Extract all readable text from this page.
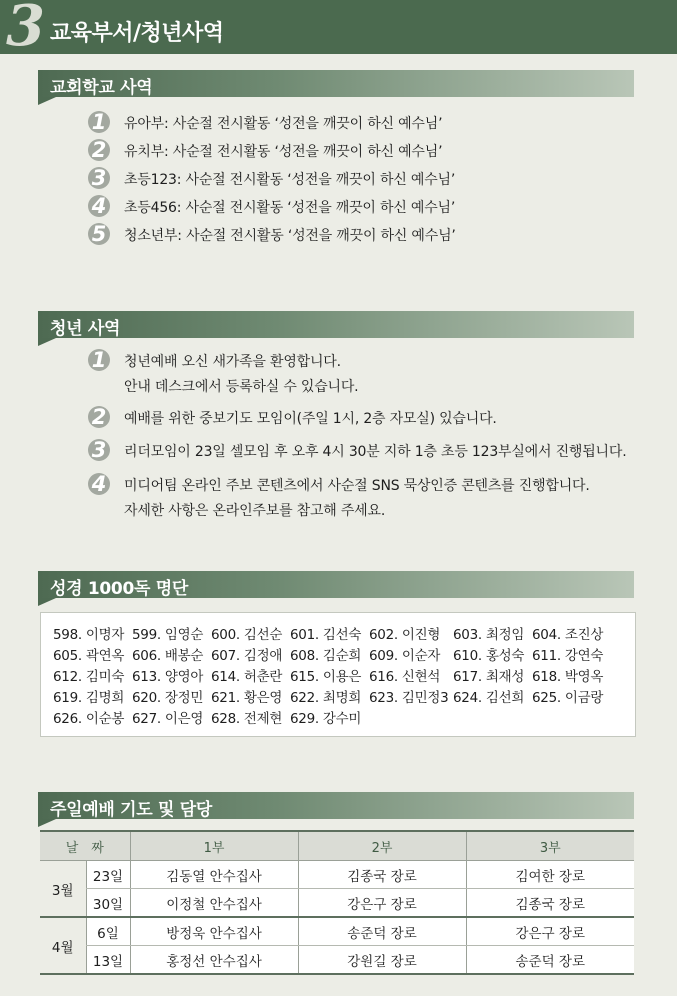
3 교육부서/청년사역
교회학교 사역
1 유아부: 사순절 전시활동 ‘성전을 깨끗이 하신 예수님’
2 유치부: 사순절 전시활동 ‘성전을 깨끗이 하신 예수님’
3 초등123: 사순절 전시활동 ‘성전을 깨끗이 하신 예수님’
4 초등456: 사순절 전시활동 ‘성전을 깨끗이 하신 예수님’
5 청소년부: 사순절 전시활동 ‘성전을 깨끗이 하신 예수님’
청년 사역
1 청년예배 오신 새가족을 환영합니다.
안내 데스크에서 등록하실 수 있습니다.
2 예배를 위한 중보기도 모임이(주일 1시, 2층 자모실) 있습니다.
3 리더모임이 23일 셀모임 후 오후 4시 30분 지하 1층 초등 123부실에서 진행됩니다.
4 미디어팀 온라인 주보 콘텐츠에서 사순절 SNS 묵상인증 콘텐츠를 진행합니다.
자세한 사항은 온라인주보를 참고해 주세요.
성경 1000독 명단
598. 이명자 599. 임영순 600. 김선순 601. 김선숙 602. 이진형 603. 최정임 604. 조진상
605. 곽연옥 606. 배봉순 607. 김정애 608. 김순희 609. 이순자 610. 홍성숙 611. 강연숙
612. 김미숙 613. 양영아 614. 허춘란 615. 이용은 616. 신현석 617. 최재성 618. 박영옥
619. 김명희 620. 장정민 621. 황은영 622. 최명희 623. 김민정3 624. 김선희 625. 이금랑
626. 이순봉 627. 이은영 628. 전제현 629. 강수미
주일예배 기도 및 담당
날　짜		1부	2부	3부
3월	23일	김동열 안수집사	김종국 장로	김여한 장로
	30일	이정철 안수집사	강은구 장로	김종국 장로
4월	6일	방정욱 안수집사	송준덕 장로	강은구 장로
	13일	홍정선 안수집사	강원길 장로	송준덕 장로
